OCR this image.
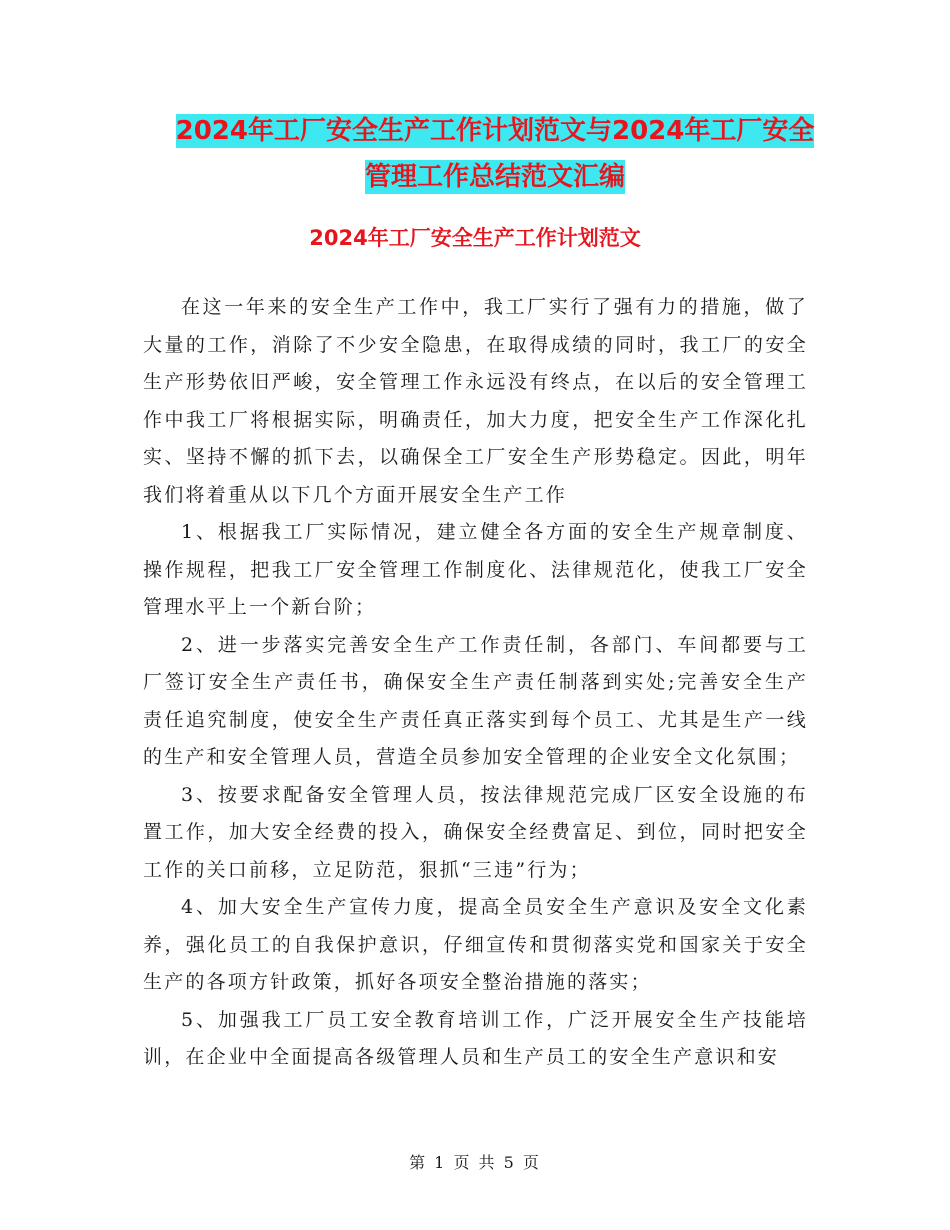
2024年工厂安全生产工作计划范文与2024年工厂安全
管理工作总结范文汇编
2024年工厂安全生产工作计划范文

在这一年来的安全生产工作中，我工厂实行了强有力的措施，做了大量的工作，消除了不少安全隐患，在取得成绩的同时，我工厂的安全生产形势依旧严峻，安全管理工作永远没有终点，在以后的安全管理工作中我工厂将根据实际，明确责任，加大力度，把安全生产工作深化扎实、坚持不懈的抓下去，以确保全工厂安全生产形势稳定。因此，明年我们将着重从以下几个方面开展安全生产工作

1、根据我工厂实际情况，建立健全各方面的安全生产规章制度、操作规程，把我工厂安全管理工作制度化、法律规范化，使我工厂安全管理水平上一个新台阶；

2、进一步落实完善安全生产工作责任制，各部门、车间都要与工厂签订安全生产责任书，确保安全生产责任制落到实处;完善安全生产责任追究制度，使安全生产责任真正落实到每个员工、尤其是生产一线的生产和安全管理人员，营造全员参加安全管理的企业安全文化氛围；

3、按要求配备安全管理人员，按法律规范完成厂区安全设施的布置工作，加大安全经费的投入，确保安全经费富足、到位，同时把安全工作的关口前移，立足防范，狠抓“三违”行为；

4、加大安全生产宣传力度，提高全员安全生产意识及安全文化素养，强化员工的自我保护意识，仔细宣传和贯彻落实党和国家关于安全生产的各项方针政策，抓好各项安全整治措施的落实；

5、加强我工厂员工安全教育培训工作，广泛开展安全生产技能培训，在企业中全面提高各级管理人员和生产员工的安全生产意识和安

第 1 页 共 5 页
